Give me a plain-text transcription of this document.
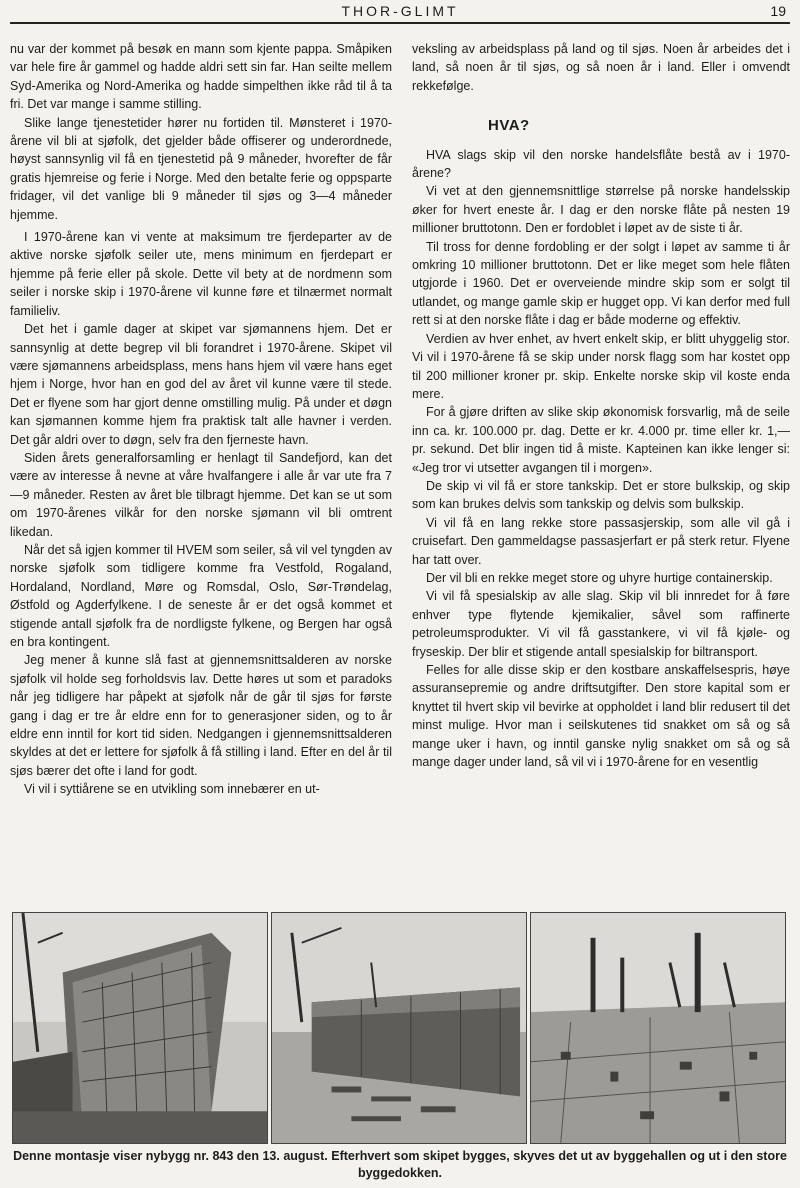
THOR-GLIMT	19

nu var der kommet på besøk en mann som kjente pappa. Småpiken var hele fire år gammel og hadde aldri sett sin far. Han seilte mellem Syd-Amerika og Nord-Amerika og hadde simpelthen ikke råd til å ta fri. Det var mange i samme stilling.

Slike lange tjenestetider hører nu fortiden til. Mønsteret i 1970-årene vil bli at sjøfolk, det gjelder både offiserer og underordnede, høyst sannsynlig vil få en tjenestetid på 9 måneder, hvorefter de får gratis hjemreise og ferie i Norge. Med den betalte ferie og oppsparte fridager, vil det vanlige bli 9 måneder til sjøs og 3—4 måneder hjemme.

I 1970-årene kan vi vente at maksimum tre fjerdeparter av de aktive norske sjøfolk seiler ute, mens minimum en fjerdepart er hjemme på ferie eller på skole. Dette vil bety at de nordmenn som seiler i norske skip i 1970-årene vil kunne føre et tilnærmet normalt familieliv.

Det het i gamle dager at skipet var sjømannens hjem. Det er sannsynlig at dette begrep vil bli forandret i 1970-årene. Skipet vil være sjømannens arbeidsplass, mens hans hjem vil være hans eget hjem i Norge, hvor han en god del av året vil kunne være til stede. Det er flyene som har gjort denne omstilling mulig. På under et døgn kan sjømannen komme hjem fra praktisk talt alle havner i verden. Det går aldri over to døgn, selv fra den fjerneste havn.

Siden årets generalforsamling er henlagt til Sandefjord, kan det være av interesse å nevne at våre hvalfangere i alle år var ute fra 7—9 måneder. Resten av året ble tilbragt hjemme. Det kan se ut som om 1970-årenes vilkår for den norske sjømann vil bli omtrent likedan.

Når det så igjen kommer til HVEM som seiler, så vil vel tyngden av norske sjøfolk som tidligere komme fra Vestfold, Rogaland, Hordaland, Nordland, Møre og Romsdal, Oslo, Sør-Trøndelag, Østfold og Agderfylkene. I de seneste år er det også kommet et stigende antall sjøfolk fra de nordligste fylkene, og Bergen har også en bra kontingent.

Jeg mener å kunne slå fast at gjennemsnittsalderen av norske sjøfolk vil holde seg forholdsvis lav. Dette høres ut som et paradoks når jeg tidligere har påpekt at sjøfolk når de går til sjøs for første gang i dag er tre år eldre enn for to generasjoner siden, og to år eldre enn inntil for kort tid siden. Nedgangen i gjennemsnittsalderen skyldes at det er lettere for sjøfolk å få stilling i land. Efter en del år til sjøs bærer det ofte i land for godt.

Vi vil i syttiårene se en utvikling som innebærer en ut-

veksling av arbeidsplass på land og til sjøs. Noen år arbeides det i land, så noen år til sjøs, og så noen år i land. Eller i omvendt rekkefølge.

HVA?

HVA slags skip vil den norske handelsflåte bestå av i 1970-årene?

Vi vet at den gjennemsnittlige størrelse på norske handelsskip øker for hvert eneste år. I dag er den norske flåte på nesten 19 millioner bruttotonn. Den er fordoblet i løpet av de siste ti år.

Til tross for denne fordobling er der solgt i løpet av samme ti år omkring 10 millioner bruttotonn. Det er like meget som hele flåten utgjorde i 1960. Det er overveiende mindre skip som er solgt til utlandet, og mange gamle skip er hugget opp. Vi kan derfor med full rett si at den norske flåte i dag er både moderne og effektiv.

Verdien av hver enhet, av hvert enkelt skip, er blitt uhyggelig stor. Vi vil i 1970-årene få se skip under norsk flagg som har kostet opp til 200 millioner kroner pr. skip. Enkelte norske skip vil koste enda mere.

For å gjøre driften av slike skip økonomisk forsvarlig, må de seile inn ca. kr. 100.000 pr. dag. Dette er kr. 4.000 pr. time eller kr. 1,— pr. sekund. Det blir ingen tid å miste. Kapteinen kan ikke lenger si: «Jeg tror vi utsetter avgangen til i morgen».

De skip vi vil få er store tankskip. Det er store bulkskip, og skip som kan brukes delvis som tankskip og delvis som bulkskip.

Vi vil få en lang rekke store passasjerskip, som alle vil gå i cruisefart. Den gammeldagse passasjerfart er på sterk retur. Flyene har tatt over.

Der vil bli en rekke meget store og uhyre hurtige containerskip.

Vi vil få spesialskip av alle slag. Skip vil bli innredet for å føre enhver type flytende kjemikalier, såvel som raffinerte petroleumsprodukter. Vi vil få gasstankere, vi vil få kjøle- og fryseskip. Der blir et stigende antall spesialskip for biltransport.

Felles for alle disse skip er den kostbare anskaffelsespris, høye assuransepremie og andre driftsutgifter. Den store kapital som er knyttet til hvert skip vil bevirke at oppholdet i land blir redusert til det minst mulige. Hvor man i seilskutenes tid snakket om så og så mange uker i havn, og inntil ganske nylig snakket om så og så mange dager under land, så vil vi i 1970-årene for en vesentlig

Denne montasje viser nybygg nr. 843 den 13. august. Efterhvert som skipet bygges, skyves det ut av byggehallen og ut i den store byggedokken.
